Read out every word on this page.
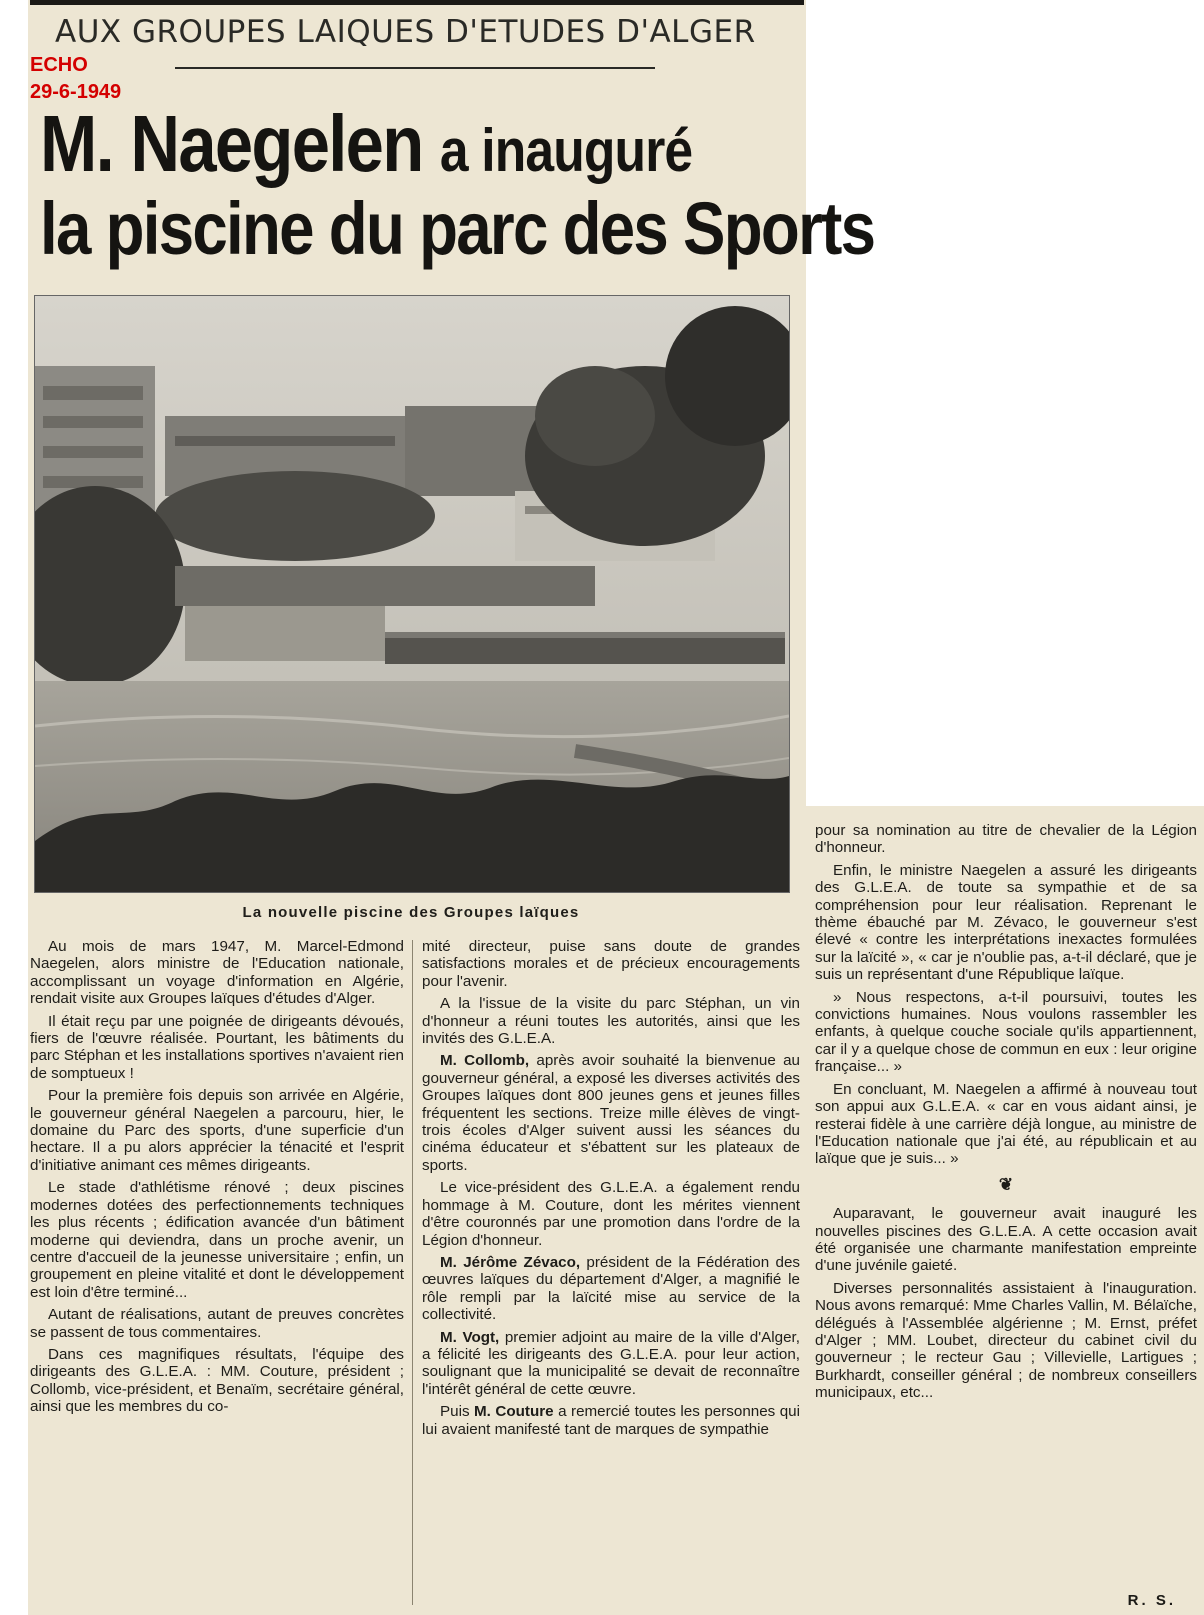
AUX GROUPES LAIQUES D'ETUDES D'ALGER
ECHO
29-6-1949
M. Naegelen a inauguré
la piscine du parc des Sports
La nouvelle piscine des Groupes laïques

Au mois de mars 1947, M. Marcel-Edmond Naegelen, alors ministre de l'Education nationale, accomplissant un voyage d'information en Algérie, rendait visite aux Groupes laïques d'études d'Alger.

Il était reçu par une poignée de dirigeants dévoués, fiers de l'œuvre réalisée. Pourtant, les bâtiments du parc Stéphan et les installations sportives n'avaient rien de somptueux !

Pour la première fois depuis son arrivée en Algérie, le gouverneur général Naegelen a parcouru, hier, le domaine du Parc des sports, d'une superficie d'un hectare. Il a pu alors apprécier la ténacité et l'esprit d'initiative animant ces mêmes dirigeants.

Le stade d'athlétisme rénové ; deux piscines modernes dotées des perfectionnements techniques les plus récents ; édification avancée d'un bâtiment moderne qui deviendra, dans un proche avenir, un centre d'accueil de la jeunesse universitaire ; enfin, un groupement en pleine vitalité et dont le développement est loin d'être terminé...

Autant de réalisations, autant de preuves concrètes se passent de tous commentaires.

Dans ces magnifiques résultats, l'équipe des dirigeants des G.L.E.A. : MM. Couture, président ; Collomb, vice-président, et Benaïm, secrétaire général, ainsi que les membres du co-

mité directeur, puise sans doute de grandes satisfactions morales et de précieux encouragements pour l'avenir.

A la l'issue de la visite du parc Stéphan, un vin d'honneur a réuni toutes les autorités, ainsi que les invités des G.L.E.A.

M. Collomb, après avoir souhaité la bienvenue au gouverneur général, a exposé les diverses activités des Groupes laïques dont 800 jeunes gens et jeunes filles fréquentent les sections. Treize mille élèves de vingt-trois écoles d'Alger suivent aussi les séances du cinéma éducateur et s'ébattent sur les plateaux de sports.

Le vice-président des G.L.E.A. a également rendu hommage à M. Couture, dont les mérites viennent d'être couronnés par une promotion dans l'ordre de la Légion d'honneur.

M. Jérôme Zévaco, président de la Fédération des œuvres laïques du département d'Alger, a magnifié le rôle rempli par la laïcité mise au service de la collectivité.

M. Vogt, premier adjoint au maire de la ville d'Alger, a félicité les dirigeants des G.L.E.A. pour leur action, soulignant que la municipalité se devait de reconnaître l'intérêt général de cette œuvre.

Puis M. Couture a remercié toutes les personnes qui lui avaient manifesté tant de marques de sympathie

pour sa nomination au titre de chevalier de la Légion d'honneur.

Enfin, le ministre Naegelen a assuré les dirigeants des G.L.E.A. de toute sa sympathie et de sa compréhension pour leur réalisation. Reprenant le thème ébauché par M. Zévaco, le gouverneur s'est élevé « contre les interprétations inexactes formulées sur la laïcité », « car je n'oublie pas, a-t-il déclaré, que je suis un représentant d'une République laïque.

» Nous respectons, a-t-il poursuivi, toutes les convictions humaines. Nous voulons rassembler les enfants, à quelque couche sociale qu'ils appartiennent, car il y a quelque chose de commun en eux : leur origine française... »

En concluant, M. Naegelen a affirmé à nouveau tout son appui aux G.L.E.A. « car en vous aidant ainsi, je resterai fidèle à une carrière déjà longue, au ministre de l'Education nationale que j'ai été, au républicain et au laïque que je suis... »

❦

Auparavant, le gouverneur avait inauguré les nouvelles piscines des G.L.E.A. A cette occasion avait été organisée une charmante manifestation empreinte d'une juvénile gaieté.

Diverses personnalités assistaient à l'inauguration. Nous avons remarqué: Mme Charles Vallin, M. Bélaïche, délégués à l'Assemblée algérienne ; M. Ernst, préfet d'Alger ; MM. Loubet, directeur du cabinet civil du gouverneur ; le recteur Gau ; Villevielle, Lartigues ; Burkhardt, conseiller général ; de nombreux conseillers municipaux, etc...

R. S.
